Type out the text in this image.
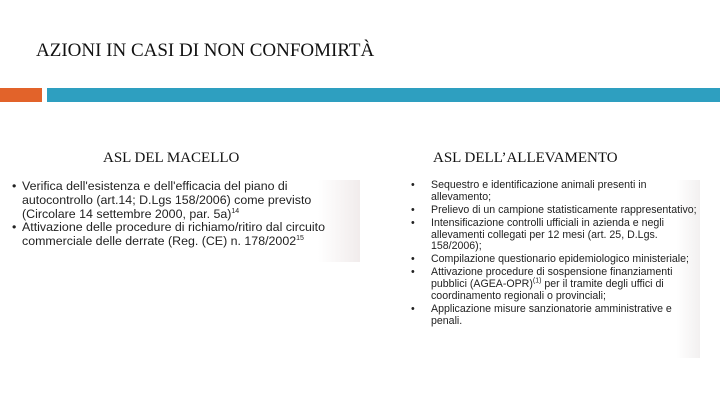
AZIONI IN CASI DI NON CONFOMIRTÀ
ASL DEL MACELLO	ASL DELL’ALLEVAMENTO
• Verifica dell'esistenza e dell'efficacia del piano di autocontrollo (art.14; D.Lgs 158/2006) come previsto (Circolare 14 settembre 2000, par. 5a)$^{14}$
• Attivazione delle procedure di richiamo/ritiro dal circuito commerciale delle derrate (Reg. (CE) n. 178/2002$^{15}$
• Sequestro e identificazione animali presenti in allevamento;
• Prelievo di un campione statisticamente rappresentativo;
• Intensificazione controlli ufficiali in azienda e negli allevamenti collegati per 12 mesi (art. 25, D.Lgs. 158/2006);
• Compilazione questionario epidemiologico ministeriale;
• Attivazione procedure di sospensione finanziamenti pubblici (AGEA-OPR)$^{(1)}$ per il tramite degli uffici di coordinamento regionali o provinciali;
• Applicazione misure sanzionatorie amministrative e penali.
